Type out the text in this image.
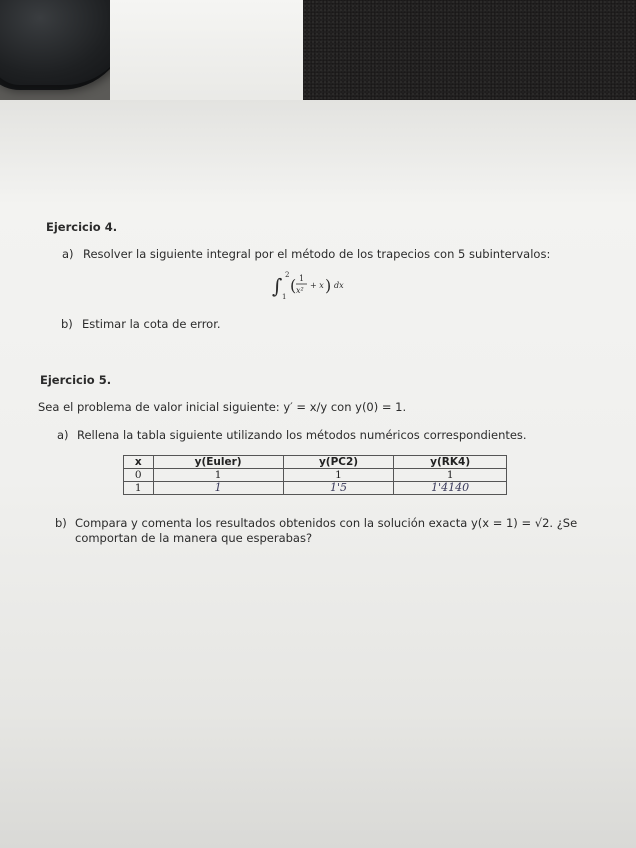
Ejercicio 4.
a) Resolver la siguiente integral por el método de los trapecios con 5 subintervalos:
∫ 2
1
( 1
x²
+ x ) dx
b) Estimar la cota de error.
Ejercicio 5.
Sea el problema de valor inicial siguiente: y′ = x/y con y(0) = 1.
a) Rellena la tabla siguiente utilizando los métodos numéricos correspondientes.
x	y(Euler)	y(PC2)	y(RK4)
0	1	1	1
1	1	1'5	1'4140
b) Compara y comenta los resultados obtenidos con la solución exacta y(x = 1) = √2. ¿Se
comportan de la manera que esperabas?
